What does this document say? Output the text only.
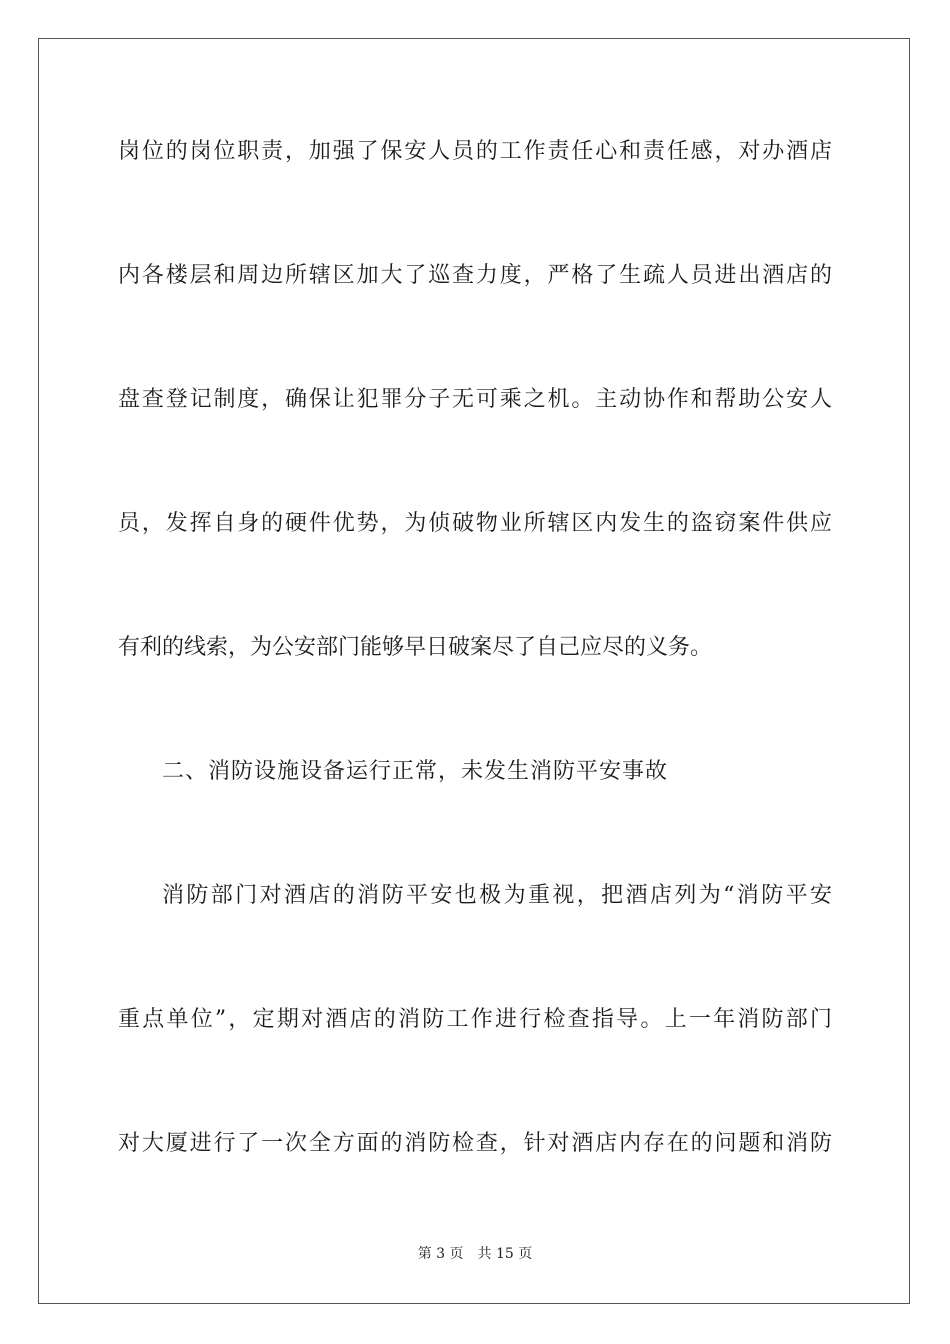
岗位的岗位职责，加强了保安人员的工作责任心和责任感，对办酒店
内各楼层和周边所辖区加大了巡查力度，严格了生疏人员进出酒店的
盘查登记制度，确保让犯罪分子无可乘之机。主动协作和帮助公安人
员，发挥自身的硬件优势，为侦破物业所辖区内发生的盗窃案件供应
有利的线索，为公安部门能够早日破案尽了自己应尽的义务。
二、消防设施设备运行正常，未发生消防平安事故
消防部门对酒店的消防平安也极为重视，把酒店列为“消防平安
重点单位”，定期对酒店的消防工作进行检查指导。上一年消防部门
对大厦进行了一次全方面的消防检查，针对酒店内存在的问题和消防
第 3 页 共 15 页
